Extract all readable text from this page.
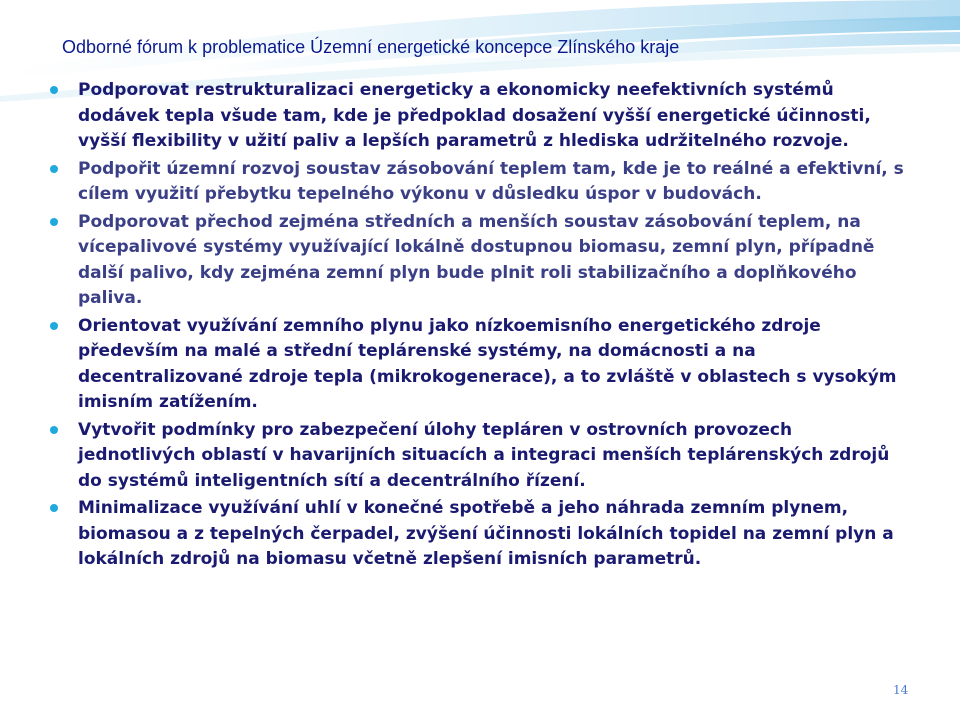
Odborné fórum k problematice Územní energetické koncepce Zlínského kraje
Podporovat restrukturalizaci energeticky a ekonomicky neefektivních systémů dodávek tepla všude tam, kde je předpoklad dosažení vyšší energetické účinnosti, vyšší flexibility v užití paliv a lepších parametrů z hlediska udržitelného rozvoje.
Podpořit územní rozvoj soustav zásobování teplem tam, kde je to reálné a efektivní, s cílem využití přebytku tepelného výkonu v důsledku úspor v budovách.
Podporovat přechod zejména středních a menších soustav zásobování teplem, na vícepalivové systémy využívající lokálně dostupnou biomasu, zemní plyn, případně další palivo, kdy zejména zemní plyn bude plnit roli stabilizačního a doplňkového paliva.
Orientovat využívání zemního plynu jako nízkoemisního energetického zdroje především na malé a střední teplárenské systémy, na domácnosti a na decentralizované zdroje tepla (mikrokogenerace), a to zvláště v oblastech s vysokým imisním zatížením.
Vytvořit podmínky pro zabezpečení úlohy tepláren v ostrovních provozech jednotlivých oblastí v havarijních situacích a integraci menších teplárenských zdrojů do systémů inteligentních sítí a decentrálního řízení.
Minimalizace využívání uhlí v konečné spotřebě a jeho náhrada zemním plynem, biomasou a z tepelných čerpadel, zvýšení účinnosti lokálních topidel na zemní plyn a lokálních zdrojů na biomasu včetně zlepšení imisních parametrů.
14
